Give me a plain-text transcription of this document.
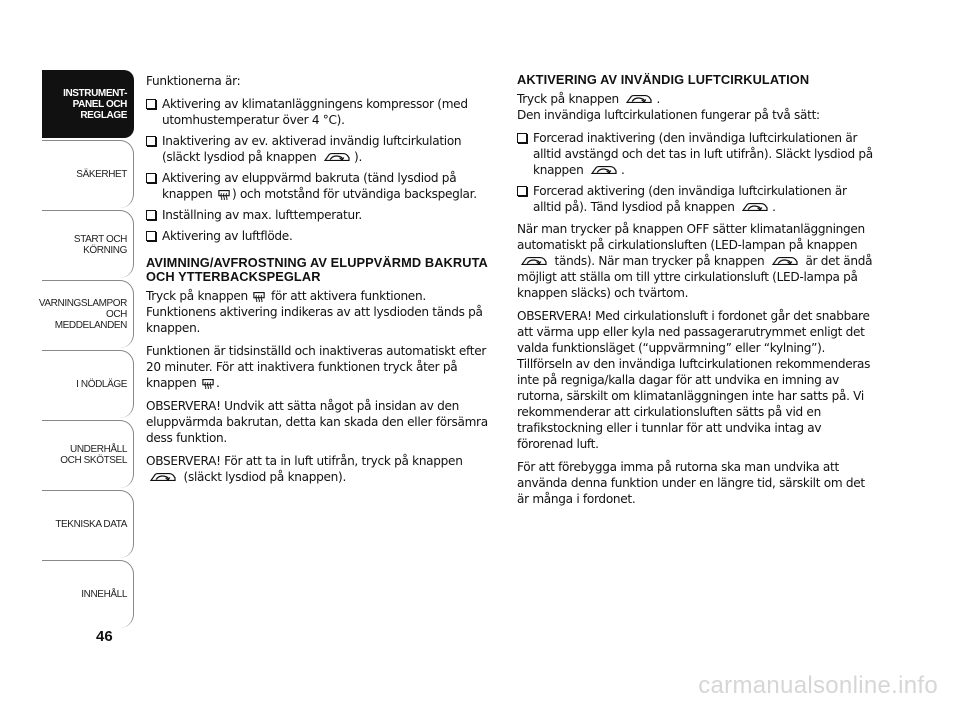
INSTRUMENT-
PANEL OCH
REGLAGE
SÄKERHET
START OCH
KÖRNING
VARNINGSLAMPOR
OCH
MEDDELANDEN
I NÖDLÄGE
UNDERHÅLL
OCH SKÖTSEL
TEKNISKA DATA
INNEHÅLL
46

Funktionerna är:

Aktivering av klimatanläggningens kompressor (med utomhustemperatur över 4 °C).
Inaktivering av ev. aktiverad invändig luftcirkulation (släckt lysdiod på knappen	).
Aktivering av eluppvärmd bakruta (tänd lysdiod på knappen ) och motstånd för utvändiga backspeglar.
Inställning av max. lufttemperatur.
Aktivering av luftflöde.
AVIMNING/AVFROSTNING AV ELUPPVÄRMD BAKRUTA OCH YTTERBACKSPEGLAR

Tryck på knappen för att aktivera funktionen. Funktionens aktivering indikeras av att lysdioden tänds på knappen.

Funktionen är tidsinställd och inaktiveras automatiskt efter 20 minuter. För att inaktivera funktionen tryck åter på knappen .

OBSERVERA! Undvik att sätta något på insidan av den eluppvärmda bakrutan, detta kan skada den eller försämra dess funktion.

OBSERVERA! För att ta in luft utifrån, tryck på knappen  (släckt lysdiod på knappen).

AKTIVERING AV INVÄNDIG LUFTCIRKULATION

Tryck på knappen	.
Den invändiga luftcirkulationen fungerar på två sätt:

Forcerad inaktivering (den invändiga luftcirkulationen är alltid avstängd och det tas in luft utifrån). Släckt lysdiod på knappen	.
Forcerad aktivering (den invändiga luftcirkulationen är alltid på). Tänd lysdiod på knappen	.

När man trycker på knappen OFF sätter klimatanläggningen automatiskt på cirkulationsluften (LED-lampan på knappen  tänds). När man trycker på knappen	är det ändå möjligt att ställa om till yttre cirkulationsluft (LED-lampa på knappen släcks) och tvärtom.

OBSERVERA! Med cirkulationsluft i fordonet går det snabbare att värma upp eller kyla ned passagerarutrymmet enligt det valda funktionsläget (“uppvärmning” eller “kylning”). Tillförseln av den invändiga luftcirkulationen rekommenderas inte på regniga/kalla dagar för att undvika en imning av rutorna, särskilt om klimatanläggningen inte har satts på. Vi rekommenderar att cirkulationsluften sätts på vid en trafikstockning eller i tunnlar för att undvika intag av förorenad luft.

För att förebygga imma på rutorna ska man undvika att använda denna funktion under en längre tid, särskilt om det är många i fordonet.

carmanualsonline.info
